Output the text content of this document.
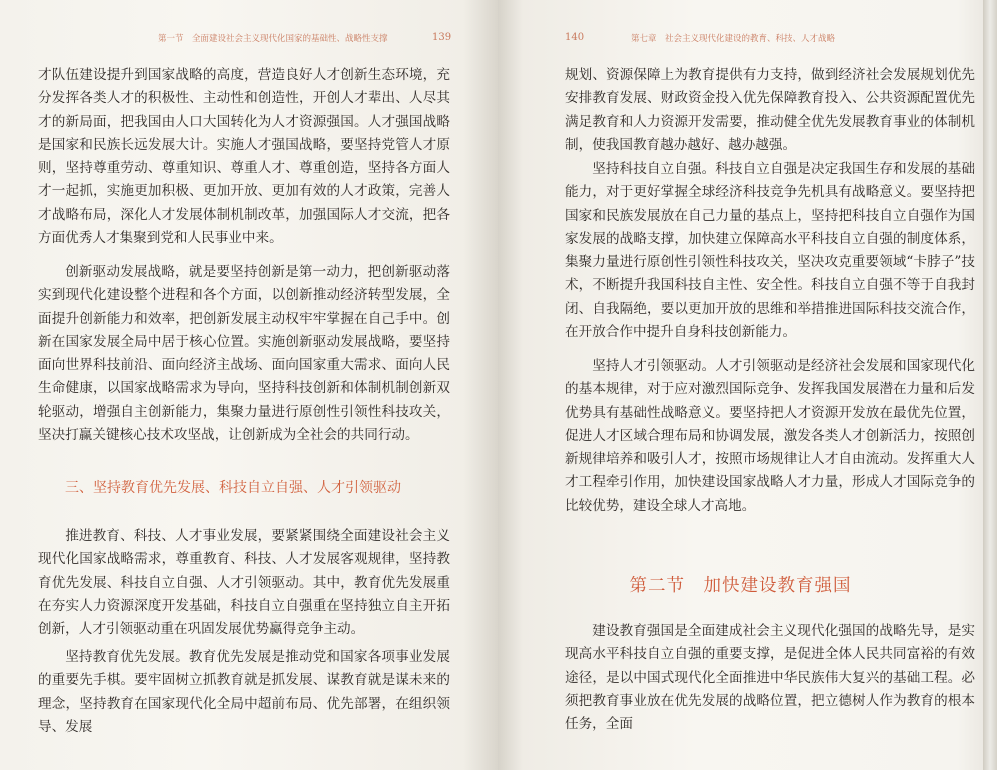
第一节　全面建设社会主义现代化国家的基础性、战略性支撑	139

才队伍建设提升到国家战略的高度，营造良好人才创新生态环境，充分发挥各类人才的积极性、主动性和创造性，开创人才辈出、人尽其才的新局面，把我国由人口大国转化为人才资源强国。人才强国战略是国家和民族长远发展大计。实施人才强国战略，要坚持党管人才原则，坚持尊重劳动、尊重知识、尊重人才、尊重创造，坚持各方面人才一起抓，实施更加积极、更加开放、更加有效的人才政策，完善人才战略布局，深化人才发展体制机制改革，加强国际人才交流，把各方面优秀人才集聚到党和人民事业中来。

创新驱动发展战略，就是要坚持创新是第一动力，把创新驱动落实到现代化建设整个进程和各个方面，以创新推动经济转型发展，全面提升创新能力和效率，把创新发展主动权牢牢掌握在自己手中。创新在国家发展全局中居于核心位置。实施创新驱动发展战略，要坚持面向世界科技前沿、面向经济主战场、面向国家重大需求、面向人民生命健康，以国家战略需求为导向，坚持科技创新和体制机制创新双轮驱动，增强自主创新能力，集聚力量进行原创性引领性科技攻关，坚决打赢关键核心技术攻坚战，让创新成为全社会的共同行动。

三、坚持教育优先发展、科技自立自强、人才引领驱动

推进教育、科技、人才事业发展，要紧紧围绕全面建设社会主义现代化国家战略需求，尊重教育、科技、人才发展客观规律，坚持教育优先发展、科技自立自强、人才引领驱动。其中，教育优先发展重在夯实人力资源深度开发基础，科技自立自强重在坚持独立自主开拓创新，人才引领驱动重在巩固发展优势赢得竞争主动。

坚持教育优先发展。教育优先发展是推动党和国家各项事业发展的重要先手棋。要牢固树立抓教育就是抓发展、谋教育就是谋未来的理念，坚持教育在国家现代化全局中超前布局、优先部署，在组织领导、发展

140	第七章　社会主义现代化建设的教育、科技、人才战略

规划、资源保障上为教育提供有力支持，做到经济社会发展规划优先安排教育发展、财政资金投入优先保障教育投入、公共资源配置优先满足教育和人力资源开发需要，推动健全优先发展教育事业的体制机制，使我国教育越办越好、越办越强。

坚持科技自立自强。科技自立自强是决定我国生存和发展的基础能力，对于更好掌握全球经济科技竞争先机具有战略意义。要坚持把国家和民族发展放在自己力量的基点上，坚持把科技自立自强作为国家发展的战略支撑，加快建立保障高水平科技自立自强的制度体系，集聚力量进行原创性引领性科技攻关，坚决攻克重要领域“卡脖子”技术，不断提升我国科技自主性、安全性。科技自立自强不等于自我封闭、自我隔绝，要以更加开放的思维和举措推进国际科技交流合作，在开放合作中提升自身科技创新能力。

坚持人才引领驱动。人才引领驱动是经济社会发展和国家现代化的基本规律，对于应对激烈国际竞争、发挥我国发展潜在力量和后发优势具有基础性战略意义。要坚持把人才资源开发放在最优先位置，促进人才区域合理布局和协调发展，激发各类人才创新活力，按照创新规律培养和吸引人才，按照市场规律让人才自由流动。发挥重大人才工程牵引作用，加快建设国家战略人才力量，形成人才国际竞争的比较优势，建设全球人才高地。

第二节　加快建设教育强国

建设教育强国是全面建成社会主义现代化强国的战略先导，是实现高水平科技自立自强的重要支撑，是促进全体人民共同富裕的有效途径，是以中国式现代化全面推进中华民族伟大复兴的基础工程。必须把教育事业放在优先发展的战略位置，把立德树人作为教育的根本任务，全面
